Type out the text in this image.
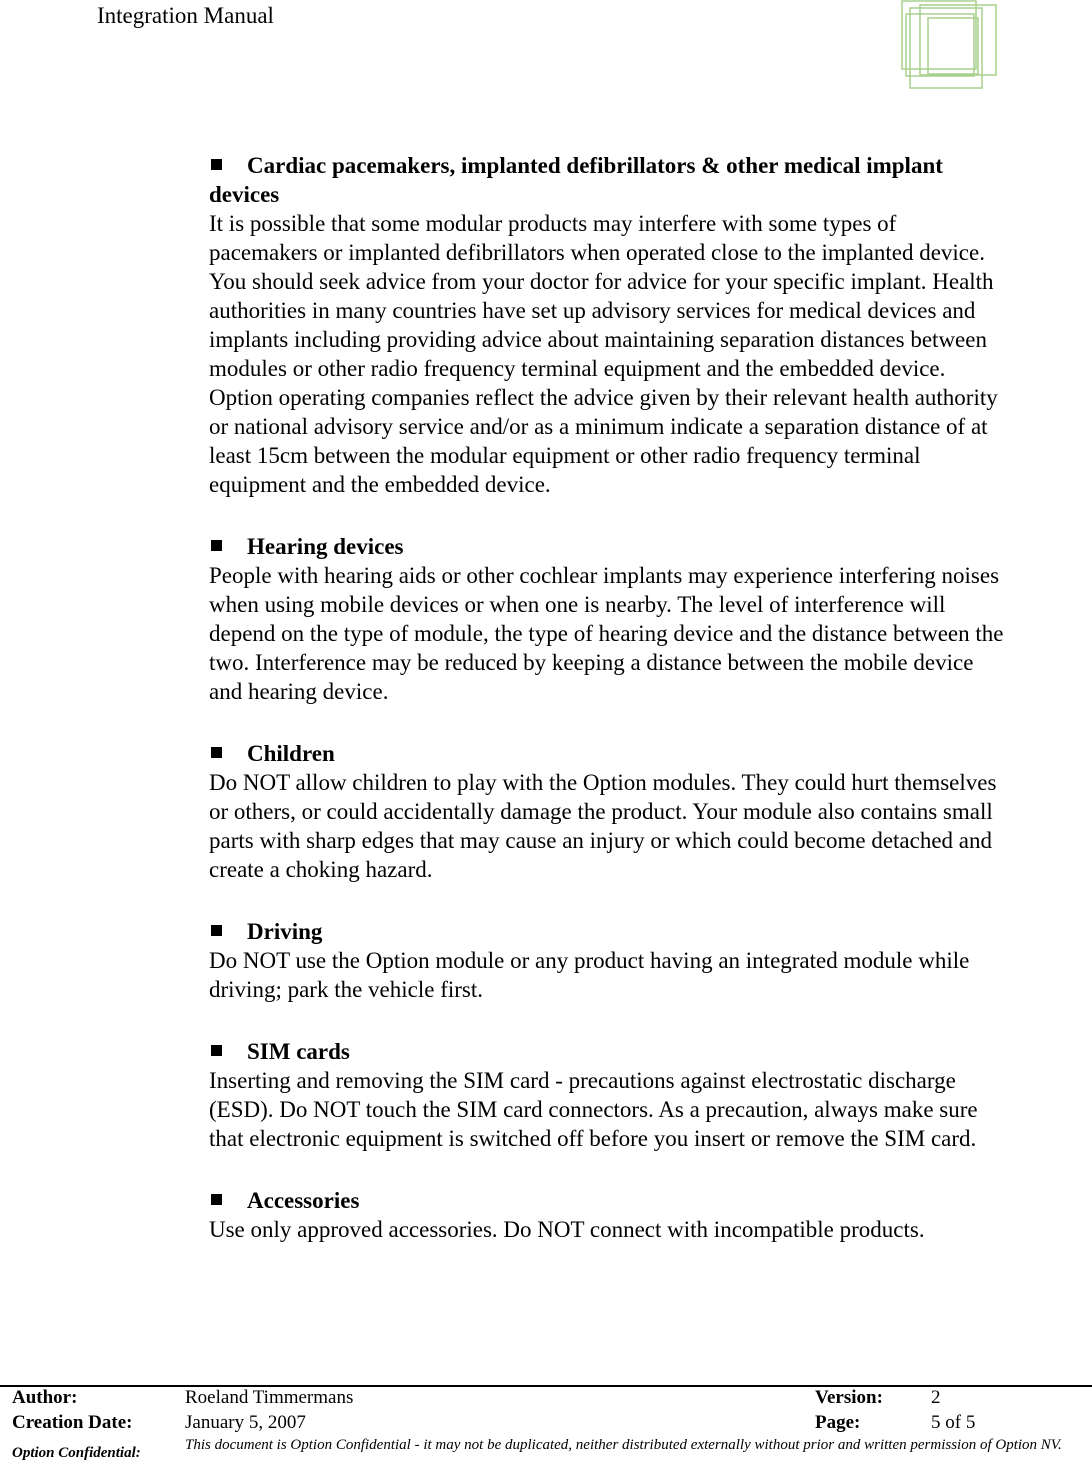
Integration Manual
Cardiac pacemakers, implanted defibrillators & other medical implant devices

It is possible that some modular products may interfere with some types of pacemakers or implanted defibrillators when operated close to the implanted device. You should seek advice from your doctor for advice for your specific implant. Health authorities in many countries have set up advisory services for medical devices and implants including providing advice about maintaining separation distances between modules or other radio frequency terminal equipment and the embedded device. Option operating companies reflect the advice given by their relevant health authority or national advisory service and/or as a minimum indicate a separation distance of at least 15cm between the modular equipment or other radio frequency terminal equipment and the embedded device.

Hearing devices

People with hearing aids or other cochlear implants may experience interfering noises when using mobile devices or when one is nearby. The level of interference will depend on the type of module, the type of hearing device and the distance between the two. Interference may be reduced by keeping a distance between the mobile device and hearing device.

Children

Do NOT allow children to play with the Option modules. They could hurt themselves or others, or could accidentally damage the product. Your module also contains small parts with sharp edges that may cause an injury or which could become detached and create a choking hazard.

Driving

Do NOT use the Option module or any product having an integrated module while driving; park the vehicle first.

SIM cards

Inserting and removing the SIM card - precautions against electrostatic discharge (ESD). Do NOT touch the SIM card connectors. As a precaution, always make sure that electronic equipment is switched off before you insert or remove the SIM card.

Accessories

Use only approved accessories. Do NOT connect with incompatible products.

Author:	Roeland Timmermans	Version:	2
Creation Date:	January 5, 2007	Page:	5 of 5
Option Confidential:	This document is Option Confidential - it may not be duplicated, neither distributed externally without prior and written permission of Option NV.
